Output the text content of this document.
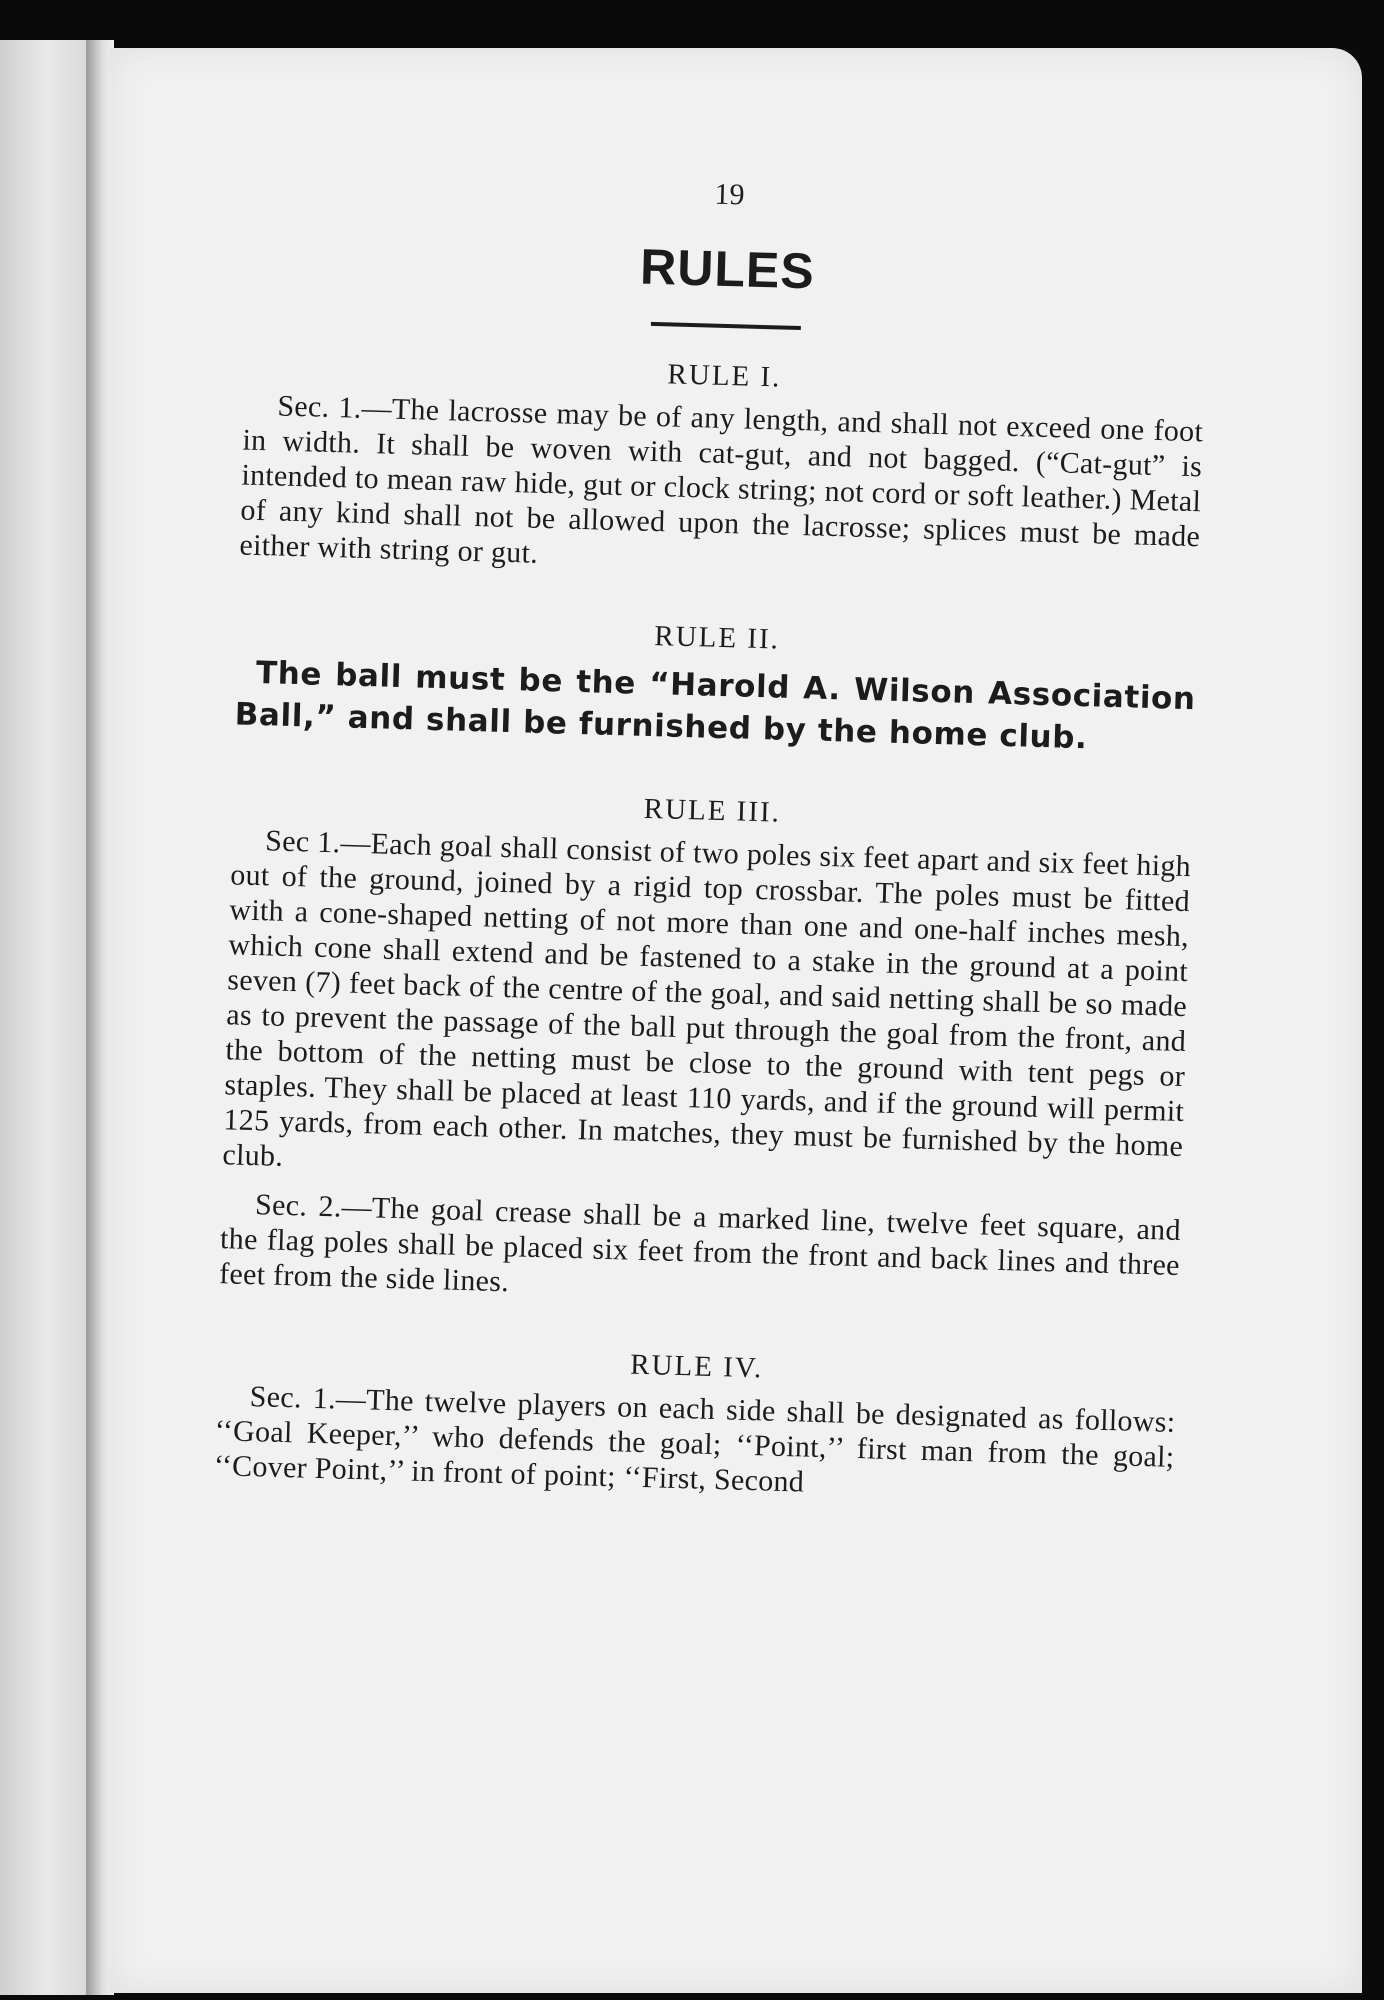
19
RULES
RULE I.

Sec. 1.—The lacrosse may be of any length, and shall not exceed one foot in width. It shall be woven with cat-gut, and not bagged. (“Cat-gut” is intended to mean raw hide, gut or clock string; not cord or soft leather.) Metal of any kind shall not be allowed upon the lacrosse; splices must be made either with string or gut.

RULE II.

The ball must be the “Harold A. Wilson Association Ball,” and shall be furnished by the home club.

RULE III.

Sec 1.—Each goal shall consist of two poles six feet apart and six feet high out of the ground, joined by a rigid top crossbar. The poles must be fitted with a cone-shaped netting of not more than one and one-half inches mesh, which cone shall extend and be fastened to a stake in the ground at a point seven (7) feet back of the centre of the goal, and said netting shall be so made as to prevent the passage of the ball put through the goal from the front, and the bottom of the netting must be close to the ground with tent pegs or staples. They shall be placed at least 110 yards, and if the ground will permit 125 yards, from each other. In matches, they must be furnished by the home club.

Sec. 2.—The goal crease shall be a marked line, twelve feet square, and the flag poles shall be placed six feet from the front and back lines and three feet from the side lines.

RULE IV.

Sec. 1.—The twelve players on each side shall be designated as follows: ‘‘Goal Keeper,’’ who defends the goal; ‘‘Point,’’ first man from the goal; ‘‘Cover Point,’’ in front of point; ‘‘First, Second
